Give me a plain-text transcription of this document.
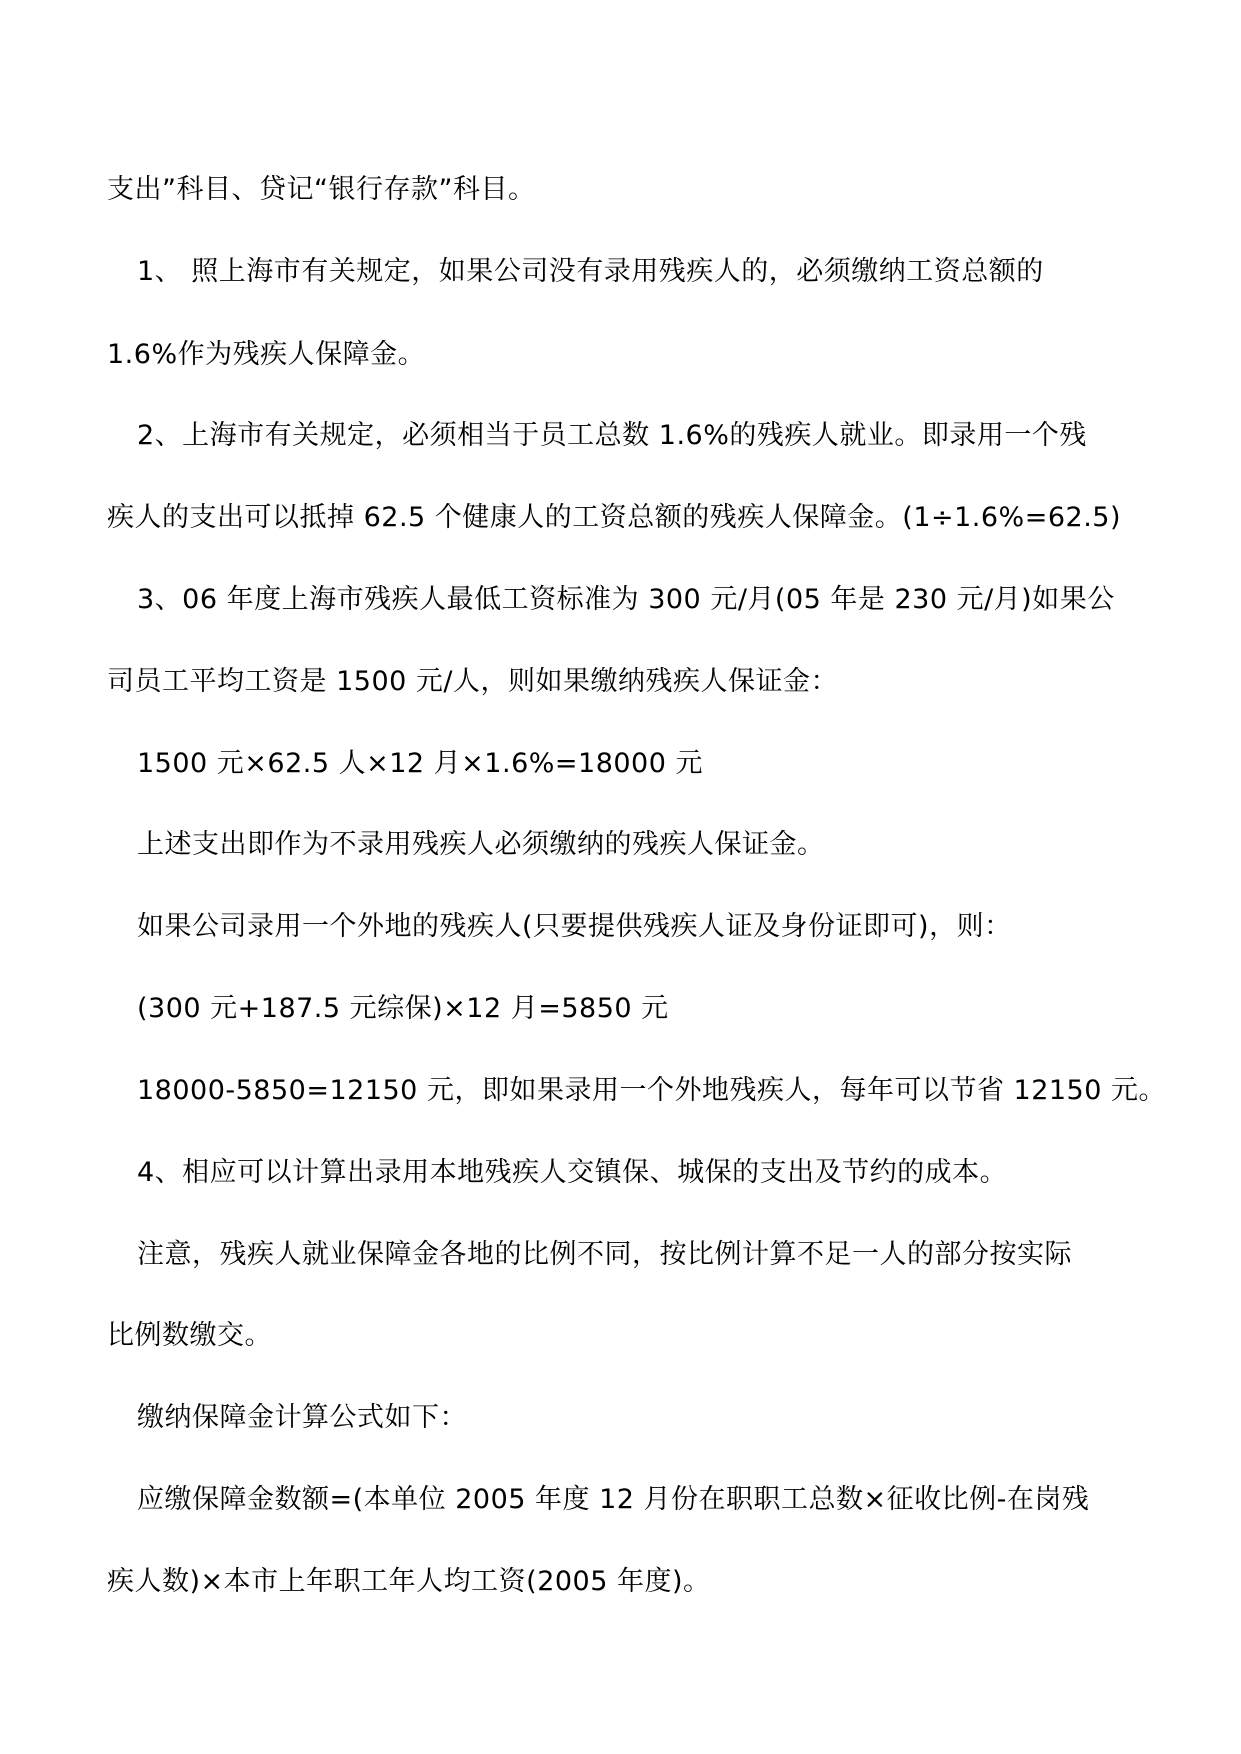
支出”科目、贷记“银行存款”科目。
1、 照上海市有关规定，如果公司没有录用残疾人的，必须缴纳工资总额的
1.6%作为残疾人保障金。
2、上海市有关规定，必须相当于员工总数 1.6%的残疾人就业。即录用一个残
疾人的支出可以抵掉 62.5 个健康人的工资总额的残疾人保障金。(1÷1.6%=62.5)
3、06 年度上海市残疾人最低工资标准为 300 元/月(05 年是 230 元/月)如果公
司员工平均工资是 1500 元/人，则如果缴纳残疾人保证金：
1500 元×62.5 人×12 月×1.6%=18000 元
上述支出即作为不录用残疾人必须缴纳的残疾人保证金。
如果公司录用一个外地的残疾人(只要提供残疾人证及身份证即可)，则：
(300 元+187.5 元综保)×12 月=5850 元
18000-5850=12150 元，即如果录用一个外地残疾人，每年可以节省 12150 元。
4、相应可以计算出录用本地残疾人交镇保、城保的支出及节约的成本。
注意，残疾人就业保障金各地的比例不同，按比例计算不足一人的部分按实际
比例数缴交。
缴纳保障金计算公式如下：
应缴保障金数额=(本单位 2005 年度 12 月份在职职工总数×征收比例-在岗残
疾人数)×本市上年职工年人均工资(2005 年度)。
